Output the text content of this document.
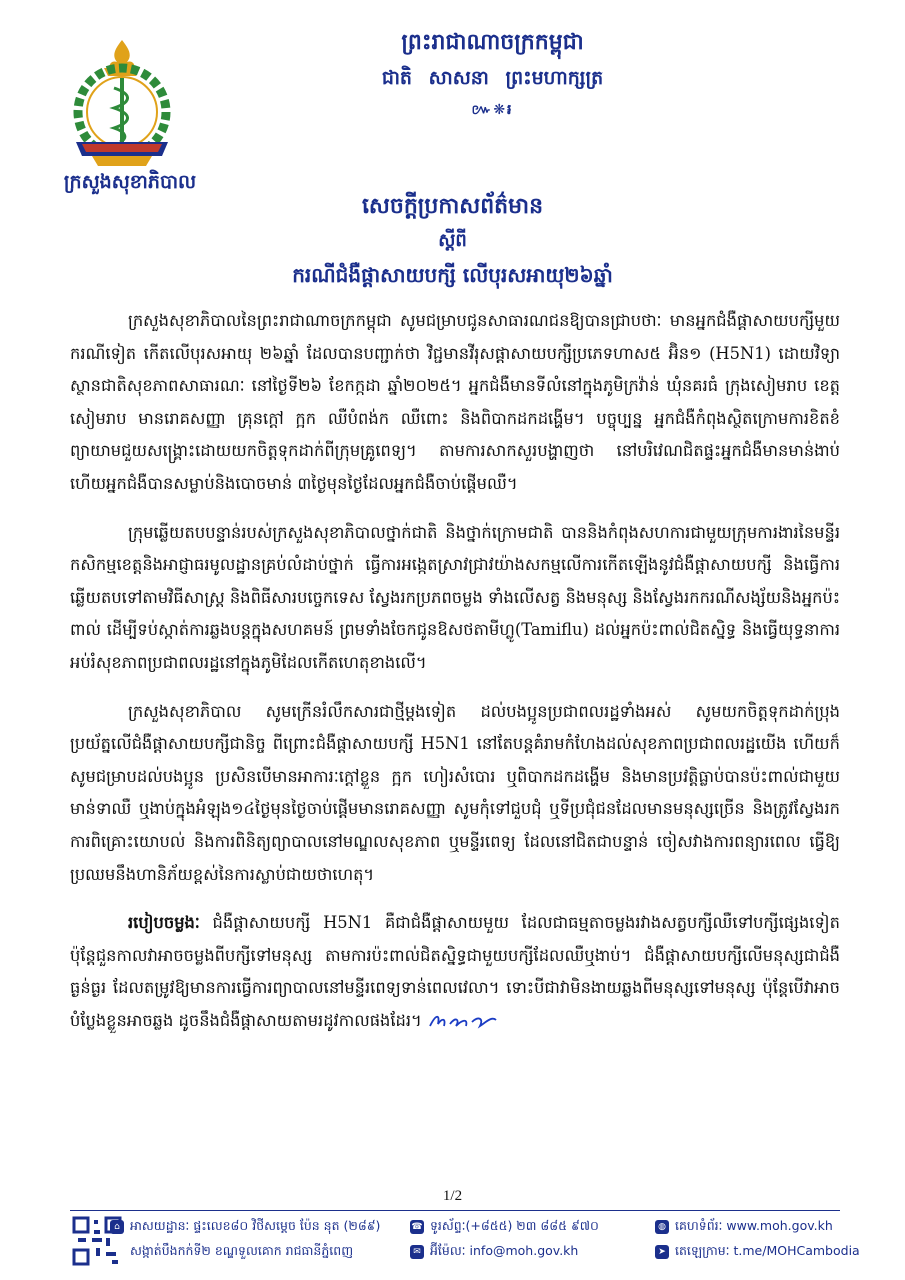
ក្រសួងសុខាភិបាល
ព្រះរាជាណាចក្រកម្ពុជា
ជាតិ សាសនា ព្រះមហាក្សត្រ
៚❋៛
សេចក្ដីប្រកាសព័ត៌មាន
ស្ដីពី
ករណីជំងឺផ្ដាសាយបក្សី លើបុរសអាយុ២៦ឆ្នាំ

ក្រសួងសុខាភិបាលនៃព្រះរាជាណាចក្រកម្ពុជា សូមជម្រាបជូនសាធារណជនឱ្យបានជ្រាបថាៈ មានអ្នកជំងឺផ្ដាសាយបក្សីមួយករណីទៀត កើតលើបុរសអាយុ ២៦ឆ្នាំ ដែលបានបញ្ជាក់ថា វិជ្ជមានវីរុសផ្ដាសាយបក្សីប្រភេទហាស៥ អ៊ិន១ (H5N1) ដោយវិទ្យាស្ថានជាតិសុខភាពសាធារណៈ នៅថ្ងៃទី២៦ ខែកក្កដា ឆ្នាំ២០២៥។ អ្នកជំងឺមានទីលំនៅក្នុងភូមិក្រវ៉ាន់ ឃុំនគរធំ ក្រុងសៀមរាប ខេត្តសៀមរាប មានរោគសញ្ញា គ្រុនក្ដៅ ក្អក ឈឺបំពង់ក ឈឺពោះ និងពិបាកដកដង្ហើម។ បច្ចុប្បន្ន អ្នកជំងឺកំពុងស្ថិតក្រោមការខិតខំព្យាយាមជួយសង្គ្រោះដោយយកចិត្តទុកដាក់ពីក្រុមគ្រូពេទ្យ។ តាមការសាកសួរបង្ហាញថា នៅបរិវេណជិតផ្ទះអ្នកជំងឺមានមាន់ងាប់ ហើយអ្នកជំងឺបានសម្លាប់និងបោចមាន់ ៣ថ្ងៃមុនថ្ងៃដែលអ្នកជំងឺចាប់ផ្ដើមឈឺ។

ក្រុមឆ្លើយតបបន្ទាន់របស់ក្រសួងសុខាភិបាលថ្នាក់ជាតិ និងថ្នាក់ក្រោមជាតិ បាននិងកំពុងសហការជាមួយក្រុមការងារនៃមន្ទីរកសិកម្មខេត្តនិងអាជ្ញាធរមូលដ្ឋានគ្រប់លំដាប់ថ្នាក់ ធ្វើការអង្កេតស្រាវជ្រាវយ៉ាងសកម្មលើការកើតឡើងនូវជំងឺផ្ដាសាយបក្សី និងធ្វើការឆ្លើយតបទៅតាមវិធីសាស្ត្រ និងពិធីសារបច្ចេកទេស ស្វែងរកប្រភពចម្លង ទាំងលើសត្វ និងមនុស្ស និងស្វែងរកករណីសង្ស័យនិងអ្នកប៉ះពាល់ ដើម្បីទប់ស្កាត់ការឆ្លងបន្តក្នុងសហគមន៍ ព្រមទាំងចែកជូនឱសថតាមីហ្លូ(Tamiflu) ដល់អ្នកប៉ះពាល់ជិតស្និទ្ធ និងធ្វើយុទ្ធនាការអប់រំសុខភាពប្រជាពលរដ្ឋនៅក្នុងភូមិដែលកើតហេតុខាងលើ។

ក្រសួងសុខាភិបាល សូមក្រើនរំលឹកសារជាថ្មីម្ដងទៀត ដល់បងប្អូនប្រជាពលរដ្ឋទាំងអស់ សូមយកចិត្តទុកដាក់ប្រុងប្រយ័ត្នលើជំងឺផ្ដាសាយបក្សីជានិច្ច ពីព្រោះជំងឺផ្ដាសាយបក្សី H5N1 នៅតែបន្តគំរាមកំហែងដល់សុខភាពប្រជាពលរដ្ឋយើង ហើយក៏សូមជម្រាបដល់បងប្អូន ប្រសិនបើមានអាការៈក្ដៅខ្លួន ក្អក ហៀរសំបោរ ឬពិបាកដកដង្ហើម និងមានប្រវត្តិធ្លាប់បានប៉ះពាល់ជាមួយមាន់ទាឈឺ ឬងាប់ក្នុងអំឡុង១៤ថ្ងៃមុនថ្ងៃចាប់ផ្ដើមមានរោគសញ្ញា សូមកុំទៅជួបជុំ ឬទីប្រជុំជនដែលមានមនុស្សច្រើន និងត្រូវស្វែងរកការពិគ្រោះយោបល់ និងការពិនិត្យព្យាបាលនៅមណ្ឌលសុខភាព ឬមន្ទីរពេទ្យ ដែលនៅជិតជាបន្ទាន់ ចៀសវាងការពន្យារពេល ធ្វើឱ្យប្រឈមនឹងហានិភ័យខ្ពស់នៃការស្លាប់ជាយថាហេតុ។

របៀបចម្លងៈ ជំងឺផ្ដាសាយបក្សី H5N1 គឺជាជំងឺផ្ដាសាយមួយ ដែលជាធម្មតាចម្លងរវាងសត្វបក្សីឈឺទៅបក្សីផ្សេងទៀត ប៉ុន្តែជួនកាលវាអាចចម្លងពីបក្សីទៅមនុស្ស តាមការប៉ះពាល់ជិតស្និទ្ធជាមួយបក្សីដែលឈឺឬងាប់។ ជំងឺផ្ដាសាយបក្សីលើមនុស្សជាជំងឺធ្ងន់ធ្ងរ ដែលតម្រូវឱ្យមានការធ្វើការព្យាបាលនៅមន្ទីរពេទ្យទាន់ពេលវេលា។ ទោះបីជាវាមិនងាយឆ្លងពីមនុស្សទៅមនុស្ស ប៉ុន្តែបើវាអាចបំប្លែងខ្លួនអាចឆ្លង ដូចនឹងជំងឺផ្ដាសាយតាមរដូវកាលផងដែរ។

1/2
⌂ អាសយដ្ឋានៈ ផ្ទះលេខ៨០ វិថីសម្ដេច ប៉ែន នុត (២៨៩)
សង្កាត់បឹងកក់ទី២ ខណ្ឌទួលគោក រាជធានីភ្នំពេញ
☎ ទូរស័ព្ទៈ(+៨៥៥) ២៣ ៨៨៥ ៩៧០
✉ អ៊ីម៉ែលៈ info@moh.gov.kh
◍ គេហទំព័រៈ www.moh.gov.kh
➤ តេឡេក្រាមៈ t.me/MOHCambodia
